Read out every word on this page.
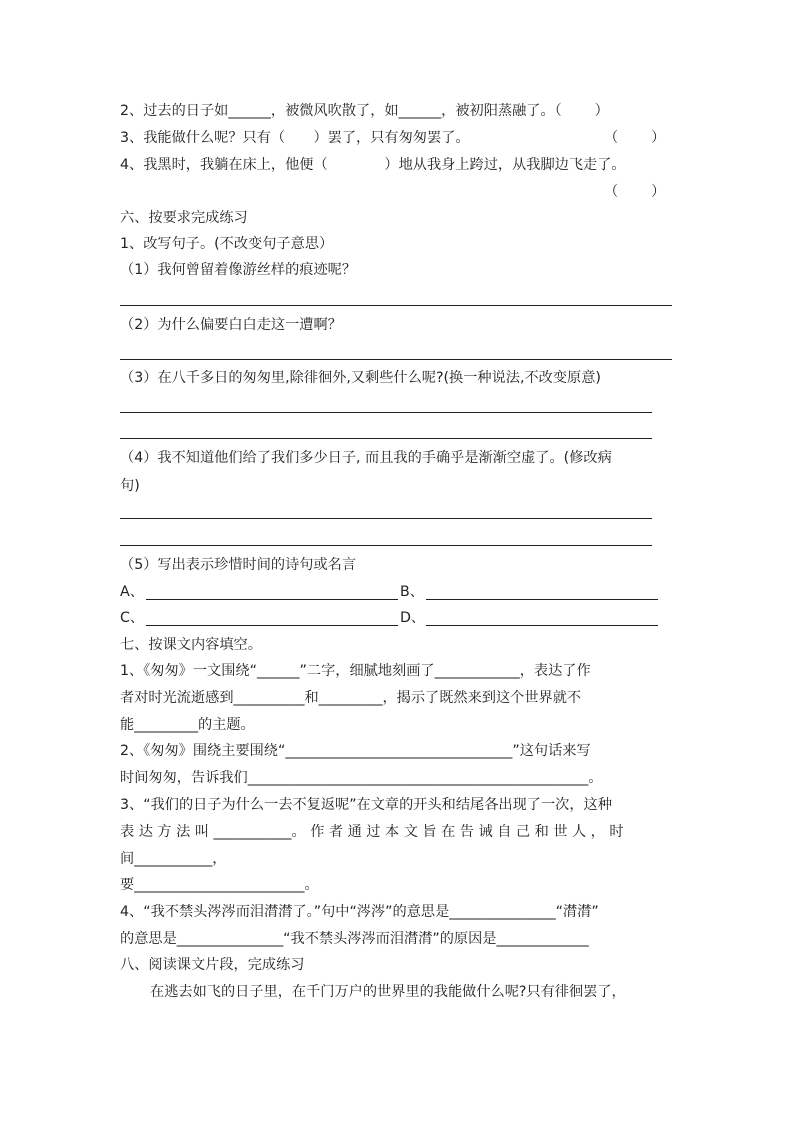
2、过去的日子如______，被微风吹散了，如______，被初阳蒸融了。（　　 ）
3、我能做什么呢？只有（　　）罢了，只有匆匆罢了。	（　　 ）
4、我黑时，我躺在床上，他便（　　　　）地从我身上跨过，从我脚边飞走了。
（　　 ）
六、按要求完成练习
1、改写句子。(不改变句子意思）
（1）我何曾留着像游丝样的痕迹呢？
（2）为什么偏要白白走这一遭啊？
（3）在八千多日的匆匆里,除徘徊外,又剩些什么呢?(换一种说法,不改变原意)
（4）我不知道他们给了我们多少日子, 而且我的手确乎是渐渐空虚了。(修改病
句)
（5）写出表示珍惜时间的诗句或名言
A、	B、
C、	D、
七、按课文内容填空。
1、《匆匆》一文围绕“______”二字，细腻地刻画了____________，表达了作
者对时光流逝感到__________和_________，揭示了既然来到这个世界就不
能_________的主题。
2、《匆匆》围绕主要围绕“________________________________”这句话来写
时间匆匆，告诉我们________________________________________________。
3、“我们的日子为什么一去不复返呢”在文章的开头和结尾各出现了一次，这种
表 达 方 法 叫 ___________。 作 者 通 过 本 文 旨 在 告 诫 自 己 和 世 人 ， 时
间___________，
要________________________。
4、“我不禁头涔涔而泪潸潸了。”句中“涔涔”的意思是_______________“潸潸”
的意思是_______________“我不禁头涔涔而泪潸潸”的原因是_____________
八、阅读课文片段，完成练习
在逃去如飞的日子里，在千门万户的世界里的我能做什么呢?只有徘徊罢了，
